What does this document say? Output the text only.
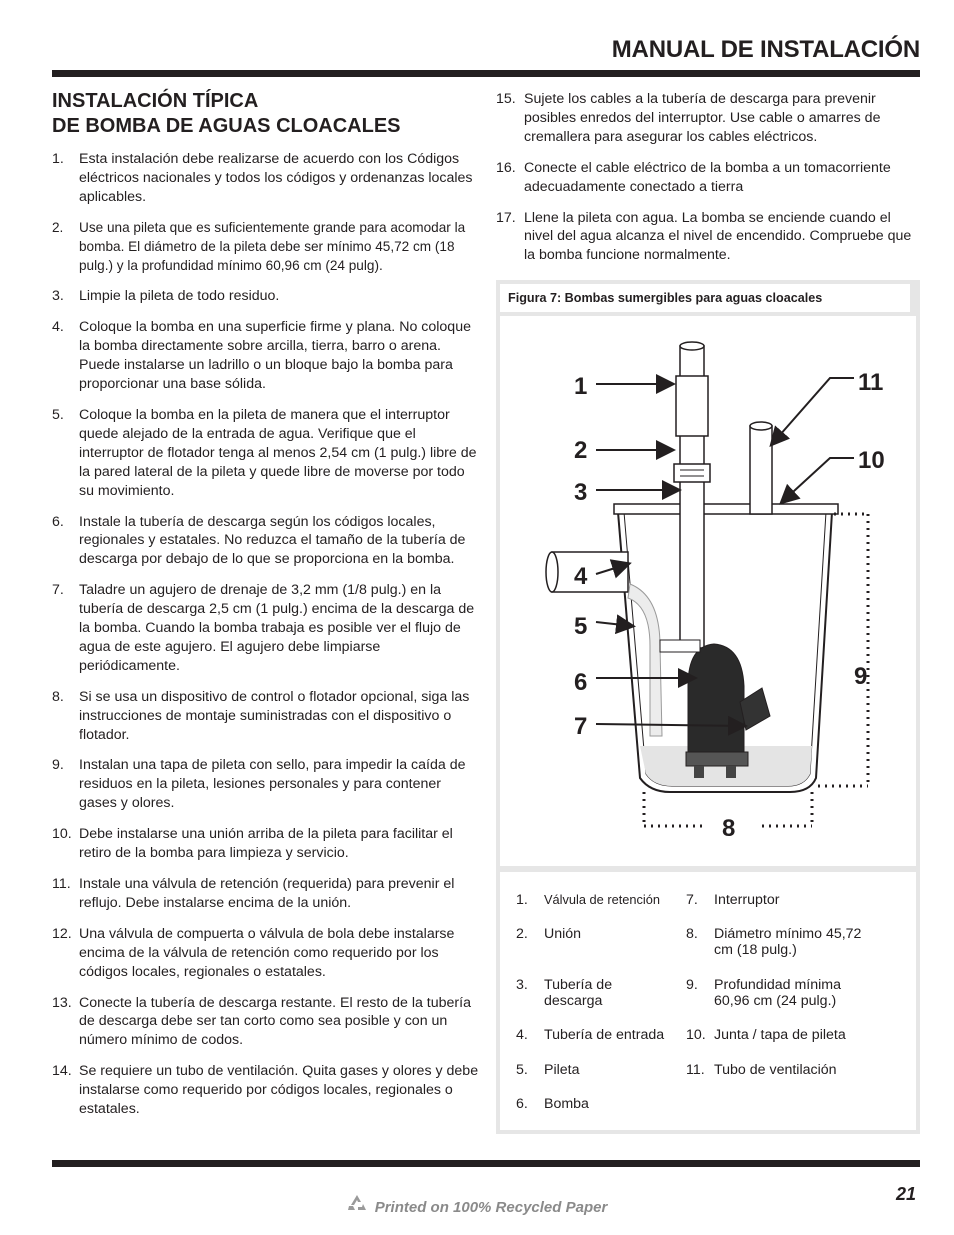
MANUAL DE INSTALACIÓN
INSTALACIÓN TÍPICA
DE BOMBA DE AGUAS CLOACALES
1.	Esta instalación debe realizarse de acuerdo con los Códigos eléctricos nacionales y todos los códigos y ordenanzas locales aplicables.
2.	Use una pileta que es suficientemente grande para acomodar la bomba. El diámetro de la pileta debe ser mínimo 45,72 cm (18 pulg.) y la profundidad mínimo 60,96 cm (24 pulg).
3.	Limpie la pileta de todo residuo.
4.	Coloque la bomba en una superficie firme y plana. No coloque la bomba directamente sobre arcilla, tierra, barro o arena. Puede instalarse un ladrillo o un bloque bajo la bomba para proporcionar una base sólida.
5.	Coloque la bomba en la pileta de manera que el interruptor quede alejado de la entrada de agua. Verifique que el interruptor de flotador tenga al menos 2,54 cm (1 pulg.) libre de la pared lateral de la pileta y quede libre de moverse por todo su movimiento.
6.	Instale la tubería de descarga según los códigos locales, regionales y estatales. No reduzca el tamaño de la tubería de descarga por debajo de lo que se proporciona en la bomba.
7.	Taladre un agujero de drenaje de 3,2 mm (1/8 pulg.) en la tubería de descarga 2,5 cm (1 pulg.) encima de la descarga de la bomba. Cuando la bomba trabaja es posible ver el flujo de agua de este agujero. El agujero debe limpiarse periódicamente.
8.	Si se usa un dispositivo de control o flotador opcional, siga las instrucciones de montaje suministradas con el dispositivo o flotador.
9.	Instalan una tapa de pileta con sello, para impedir la caída de residuos en la pileta, lesiones personales y para contener gases y olores.
10. Debe instalarse una unión arriba de la pileta para facilitar el retiro de la bomba para limpieza y servicio.
11. Instale una válvula de retención (requerida) para prevenir el reflujo. Debe instalarse encima de la unión.
12. Una válvula de compuerta o válvula de bola debe instalarse encima de la válvula de retención como requerido por los códigos locales, regionales o estatales.
13. Conecte la tubería de descarga restante. El resto de la tubería de descarga debe ser tan corto como sea posible y con un número mínimo de codos.
14. Se requiere un tubo de ventilación. Quita gases y olores y debe instalarse como requerido por códigos locales, regionales o estatales.
15. Sujete los cables a la tubería de descarga para prevenir posibles enredos del interruptor. Use cable o amarres de cremallera para asegurar los cables eléctricos.
16. Conecte el cable eléctrico de la bomba a un tomacorriente adecuadamente conectado a tierra
17. Llene la pileta con agua. La bomba se enciende cuando el nivel del agua alcanza el nivel de encendido. Compruebe que la bomba funcione normalmente.
Figura 7: Bombas sumergibles para aguas cloacales
1
2
3
4
5
6
7
8
9
10
11
1.	Válvula de retención
2.	Unión
3.	Tubería de descarga
4.	Tubería de entrada
5.	Pileta
6.	Bomba
7.	Interruptor
8.	Diámetro mínimo 45,72 cm (18 pulg.)
9.	Profundidad mínima 60,96 cm (24 pulg.)
10. Junta / tapa de pileta
11. Tubo de ventilación
Printed on 100% Recycled Paper
21
